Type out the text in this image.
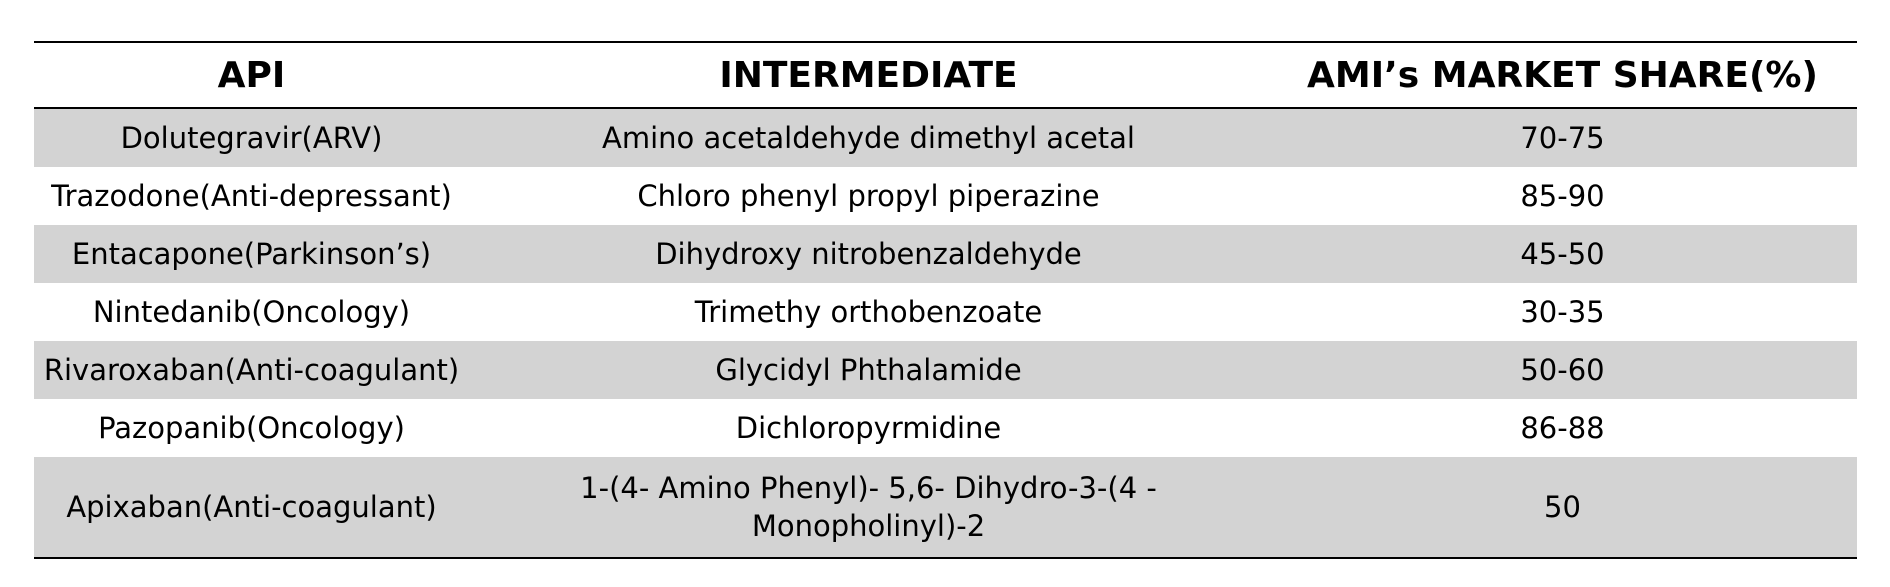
API	INTERMEDIATE	AMI’s MARKET SHARE(%)
Dolutegravir(ARV)	Amino acetaldehyde dimethyl acetal	70-75
Trazodone(Anti-depressant)	Chloro phenyl propyl piperazine	85-90
Entacapone(Parkinson’s)	Dihydroxy nitrobenzaldehyde	45-50
Nintedanib(Oncology)	Trimethy orthobenzoate	30-35
Rivaroxaban(Anti-coagulant)	Glycidyl Phthalamide	50-60
Pazopanib(Oncology)	Dichloropyrmidine	86-88
Apixaban(Anti-coagulant)	1-(4- Amino Phenyl)- 5,6- Dihydro-3-(4 - Monopholinyl)-2	50
